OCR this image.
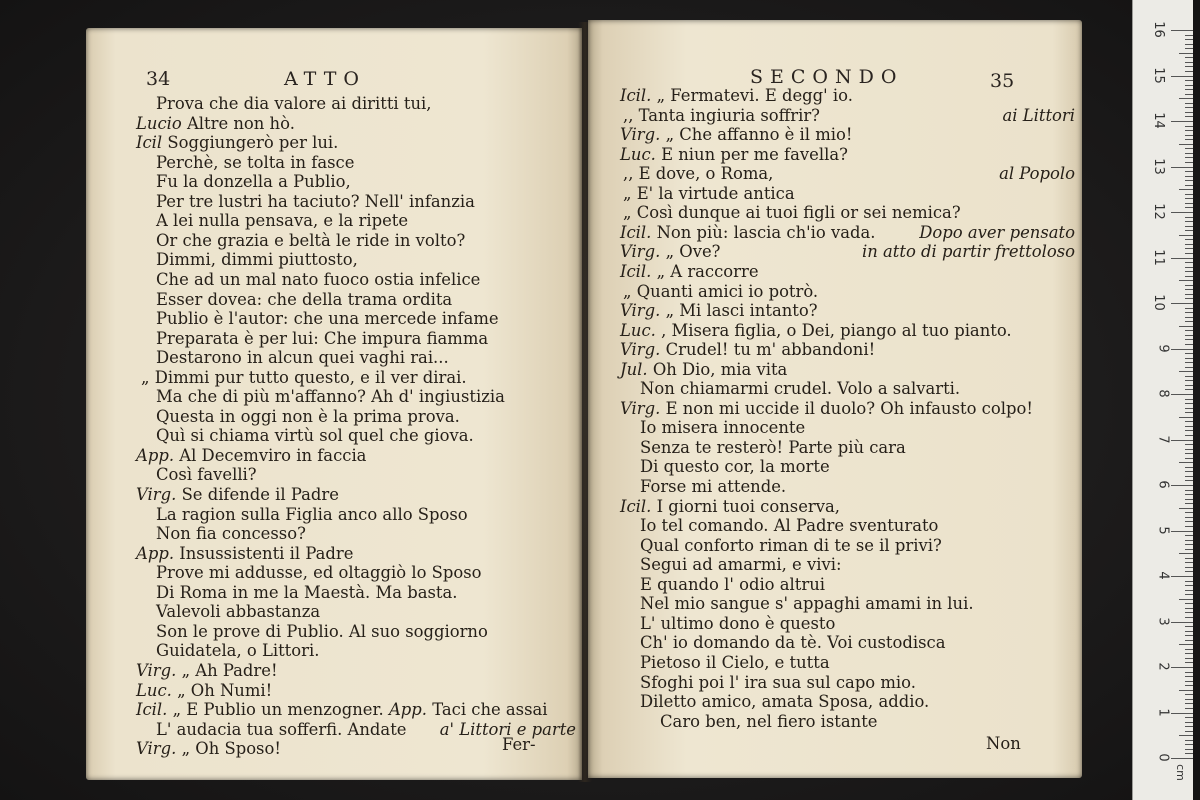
34	ATTO
Prova che dia valore ai diritti tui,
Lucio Altre non hò.
Icil Soggiungerò per lui.
Perchè, se tolta in fasce
Fu la donzella a Publio,
Per tre lustri ha taciuto? Nell' infanzia
A lei nulla pensava, e la ripete
Or che grazia e beltà le ride in volto?
Dimmi, dimmi piuttosto,
Che ad un mal nato fuoco ostia infelice
Esser dovea: che della trama ordita
Publio è l'autor: che una mercede infame
Preparata è per lui: Che impura fiamma
Destarono in alcun quei vaghi rai...
„ Dimmi pur tutto questo, e il ver dirai.
Ma che di più m'affanno? Ah d' ingiustizia
Questa in oggi non è la prima prova.
Quì si chiama virtù sol quel che giova.
App. Al Decemviro in faccia
Così favelli?
Virg. Se difende il Padre
La ragion sulla Figlia anco allo Sposo
Non fia concesso?
App. Insussistenti il Padre
Prove mi addusse, ed oltaggiò lo Sposo
Di Roma in me la Maestà. Ma basta.
Valevoli abbastanza
Son le prove di Publio. Al suo soggiorno
Guidatela, o Littori.
Virg. „ Ah Padre!
Luc. „ Oh Numi!
Icil. „ E Publio un menzogner. App. Taci che assai
L' audacia tua sofferfi. Andate a' Littori e parte
Virg. „ Oh Sposo!	Fer-
SECONDO	35
Icil. „ Fermatevi. E degg' io.
,, Tanta ingiuria soffrir?	ai Littori
Virg. „ Che affanno è il mio!
Luc. E niun per me favella?
,, E dove, o Roma,	al Popolo
„ E' la virtude antica
„ Così dunque ai tuoi figli or sei nemica?
Icil. Non più: lascia ch'io vada.	Dopo aver pensato
Virg. „ Ove?	in atto di partir frettoloso
Icil. „ A raccorre
„ Quanti amici io potrò.
Virg. „ Mi lasci intanto?
Luc. , Misera figlia, o Dei, piango al tuo pianto.
Virg. Crudel! tu m' abbandoni!
Jul. Oh Dio, mia vita
Non chiamarmi crudel. Volo a salvarti.
Virg. E non mi uccide il duolo? Oh infausto colpo!
Io misera innocente
Senza te resterò! Parte più cara
Di questo cor, la morte
Forse mi attende.
Icil. I giorni tuoi conserva,
Io tel comando. Al Padre sventurato
Qual conforto riman di te se il privi?
Segui ad amarmi, e vivi:
E quando l' odio altrui
Nel mio sangue s' appaghi amami in lui.
L' ultimo dono è questo
Ch' io domando da tè. Voi custodisca
Pietoso il Cielo, e tutta
Sfoghi poi l' ira sua sul capo mio.
Diletto amico, amata Sposa, addio.
Caro ben, nel fiero istante
Non
cm
16
15
14
13
12
11
10
9
8
7
6
5
4
3
2
1
0
